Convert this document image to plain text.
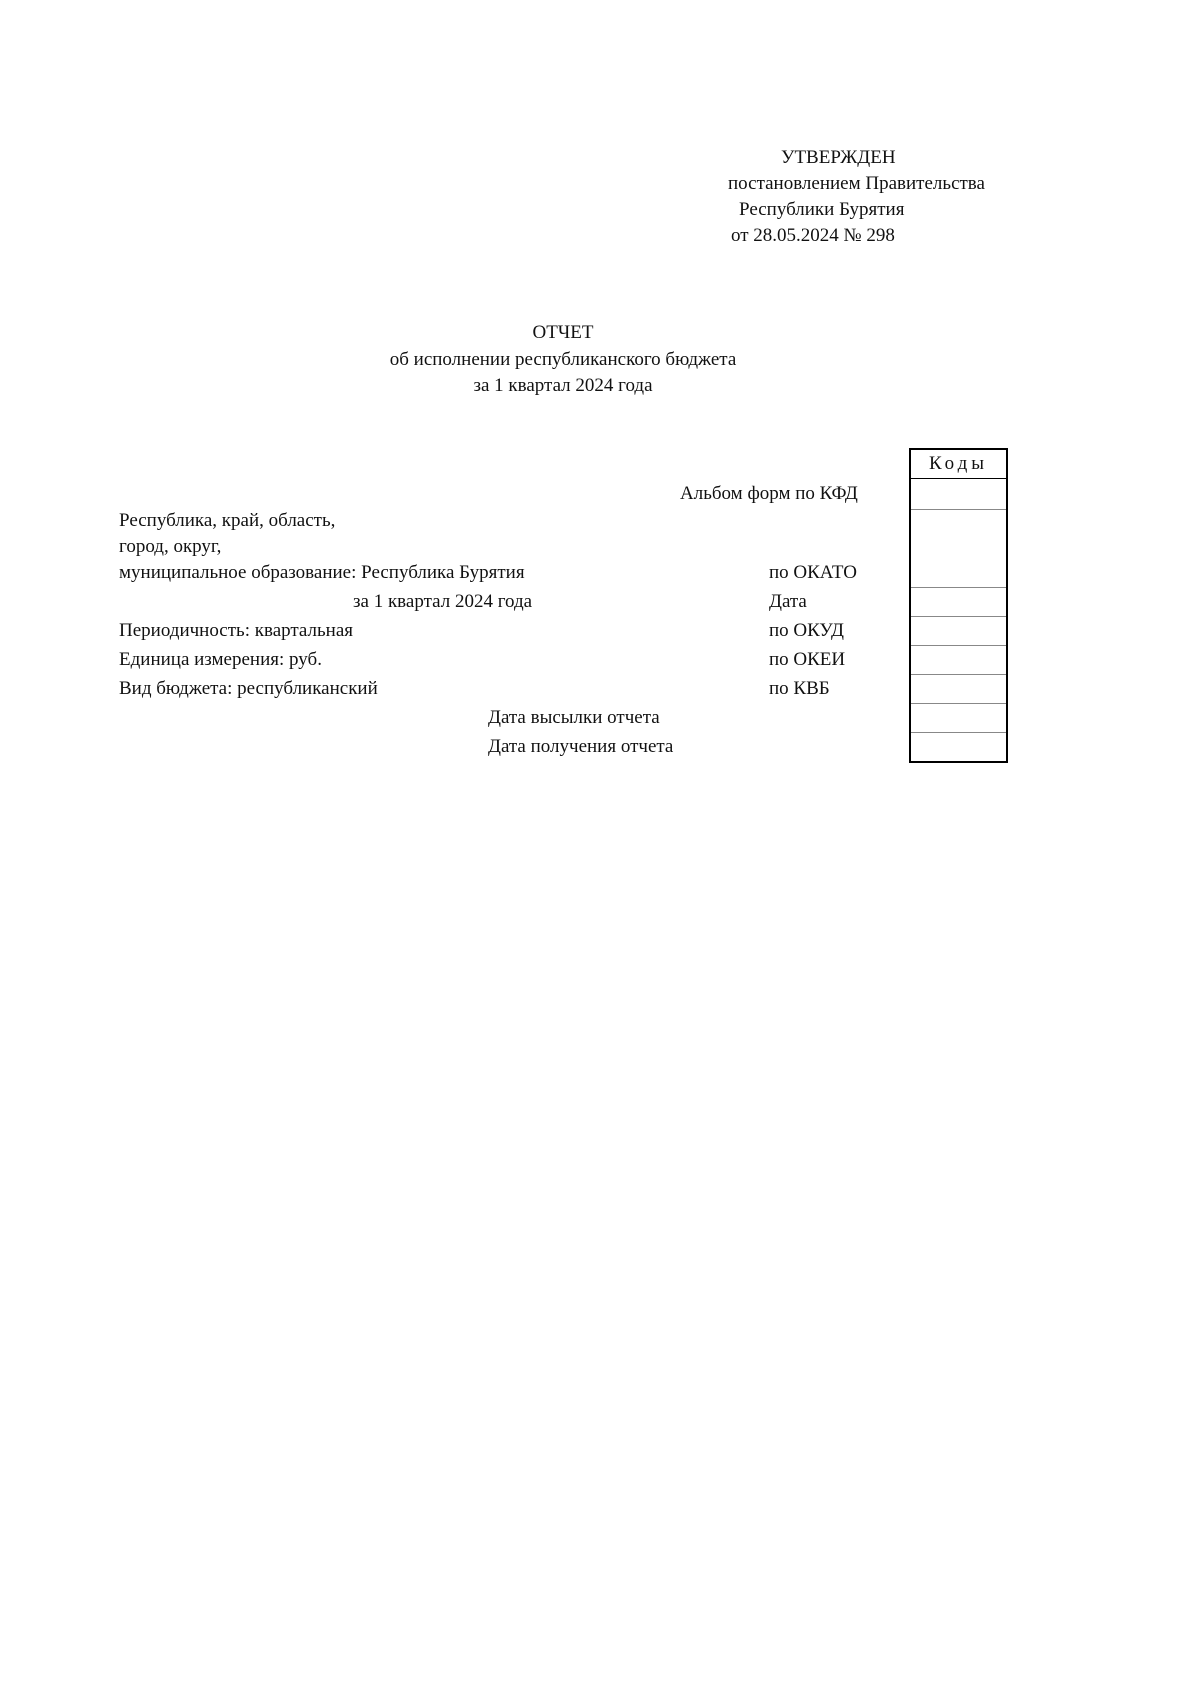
УТВЕРЖДЕН
постановлением Правительства
Республики Бурятия
от 28.05.2024 № 298
ОТЧЕТ
об исполнении республиканского бюджета
за 1 квартал 2024 года
Коды
Альбом форм по КФД
Республика, край, область,
город, округ,
муниципальное образование: Республика Бурятия
за 1 квартал 2024 года
Периодичность: квартальная
Единица измерения: руб.
Вид бюджета: республиканский
по ОКАТО
Дата
по ОКУД
по ОКЕИ
по КВБ
Дата высылки отчета
Дата получения отчета
